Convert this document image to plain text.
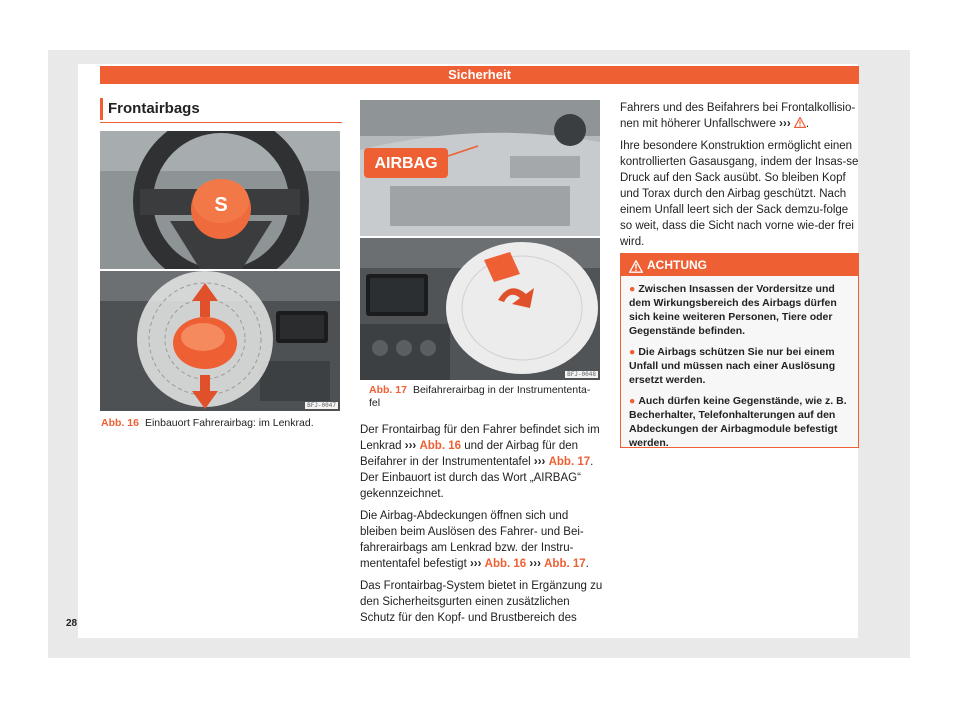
Sicherheit
Frontairbags
S
BFJ-0047
Abb. 16 Einbauort Fahrerairbag: im Lenkrad.
AIRBAG
BFJ-0048
Abb. 17 Beifahrerairbag in der Instrumententa-fel

Der Frontairbag für den Fahrer befindet sich im Lenkrad ››› Abb. 16 und der Airbag für den Beifahrer in der Instrumententafel ››› Abb. 17. Der Einbauort ist durch das Wort „AIRBAG“ gekennzeichnet.

Die Airbag-Abdeckungen öffnen sich und bleiben beim Auslösen des Fahrer- und Bei-fahrerairbags am Lenkrad bzw. der Instru-mententafel befestigt ››› Abb. 16 ››› Abb. 17.

Das Frontairbag-System bietet in Ergänzung zu den Sicherheitsgurten einen zusätzlichen Schutz für den Kopf- und Brustbereich des

Fahrers und des Beifahrers bei Frontalkollisio-nen mit höherer Unfallschwere ››› .

Ihre besondere Konstruktion ermöglicht einen kontrollierten Gasausgang, indem der Insas-se Druck auf den Sack ausübt. So bleiben Kopf und Torax durch den Airbag geschützt. Nach einem Unfall leert sich der Sack demzu-folge so weit, dass die Sicht nach vorne wie-der frei wird.

ACHTUNG
● Zwischen Insassen der Vordersitze und dem Wirkungsbereich des Airbags dürfen sich keine weiteren Personen, Tiere oder Gegenstände befinden.
● Die Airbags schützen Sie nur bei einem Unfall und müssen nach einer Auslösung ersetzt werden.
● Auch dürfen keine Gegenstände, wie z. B. Becherhalter, Telefonhalterungen auf den Abdeckungen der Airbagmodule befestigt werden.
28
